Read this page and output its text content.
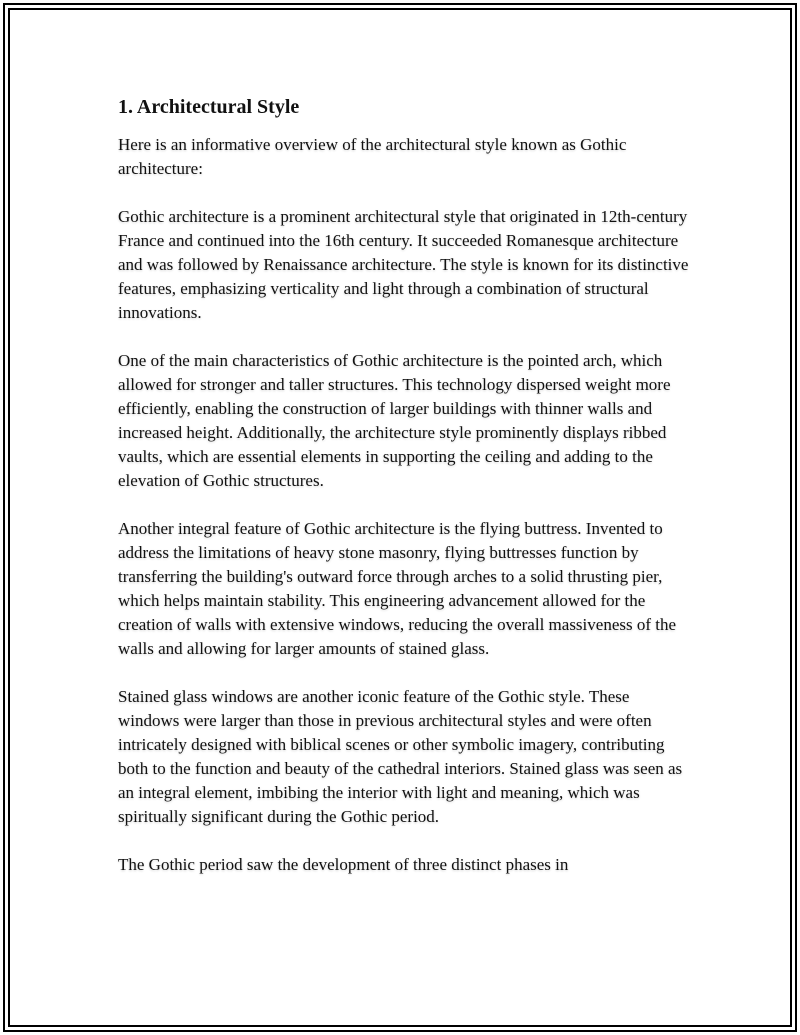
1. Architectural Style

Here is an informative overview of the architectural style known as Gothic architecture:

Gothic architecture is a prominent architectural style that originated in 12th-century France and continued into the 16th century. It succeeded Romanesque architecture and was followed by Renaissance architecture. The style is known for its distinctive features, emphasizing verticality and light through a combination of structural innovations.

One of the main characteristics of Gothic architecture is the pointed arch, which allowed for stronger and taller structures. This technology dispersed weight more efficiently, enabling the construction of larger buildings with thinner walls and increased height. Additionally, the architecture style prominently displays ribbed vaults, which are essential elements in supporting the ceiling and adding to the elevation of Gothic structures.

Another integral feature of Gothic architecture is the flying buttress. Invented to address the limitations of heavy stone masonry, flying buttresses function by transferring the building's outward force through arches to a solid thrusting pier, which helps maintain stability. This engineering advancement allowed for the creation of walls with extensive windows, reducing the overall massiveness of the walls and allowing for larger amounts of stained glass.

Stained glass windows are another iconic feature of the Gothic style. These windows were larger than those in previous architectural styles and were often intricately designed with biblical scenes or other symbolic imagery, contributing both to the function and beauty of the cathedral interiors. Stained glass was seen as an integral element, imbibing the interior with light and meaning, which was spiritually significant during the Gothic period.

The Gothic period saw the development of three distinct phases in
